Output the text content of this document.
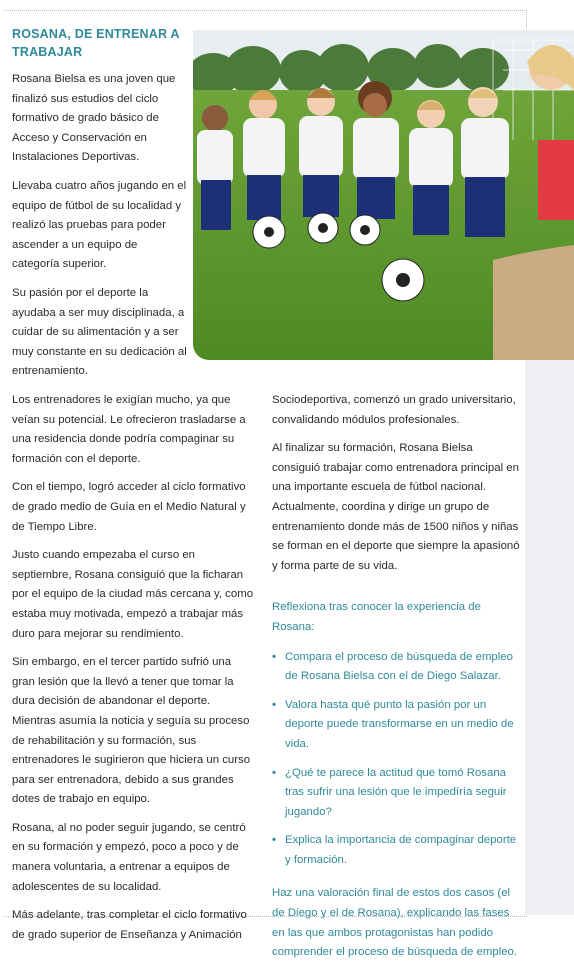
ROSANA, DE ENTRENAR A TRABAJAR

Rosana Bielsa es una joven que finalizó sus estudios del ciclo formativo de grado básico de Acceso y Conservación en Instalaciones Deportivas.

Llevaba cuatro años jugando en el equipo de fútbol de su localidad y realizó las pruebas para poder ascender a un equipo de categoría superior.

Su pasión por el deporte la ayudaba a ser muy disciplinada, a cuidar de su alimentación y a ser muy constante en su dedicación al entrenamiento.

Los entrenadores le exigían mucho, ya que veían su potencial. Le ofrecieron trasladarse a una residencia donde podría compaginar su formación con el deporte.

Con el tiempo, logró acceder al ciclo formativo de grado medio de Guía en el Medio Natural y de Tiempo Libre.

Justo cuando empezaba el curso en septiembre, Rosana consiguió que la ficharan por el equipo de la ciudad más cercana y, como estaba muy motivada, empezó a trabajar más duro para mejorar su rendimiento.

Sin embargo, en el tercer partido sufrió una gran lesión que la llevó a tener que tomar la dura decisión de abandonar el deporte. Mientras asumía la noticia y seguía su proceso de rehabilitación y su formación, sus entrenadores le sugirieron que hiciera un curso para ser entrenadora, debido a sus grandes dotes de trabajo en equipo.

Rosana, al no poder seguir jugando, se centró en su formación y empezó, poco a poco y de manera voluntaria, a entrenar a equipos de adolescentes de su localidad.

Más adelante, tras completar el ciclo formativo de grado superior de Enseñanza y Animación

Sociodeportiva, comenzó un grado universitario, convalidando módulos profesionales.

Al finalizar su formación, Rosana Bielsa consiguió trabajar como entrenadora principal en una importante escuela de fútbol nacional. Actualmente, coordina y dirige un grupo de entrenamiento donde más de 1500 niños y niñas se forman en el deporte que siempre la apasionó y forma parte de su vida.

Reflexiona tras conocer la experiencia de Rosana:

• Compara el proceso de búsqueda de empleo de Rosana Bielsa con el de Diego Salazar.
• Valora hasta qué punto la pasión por un deporte puede transformarse en un medio de vida.
• ¿Qué te parece la actitud que tomó Rosana tras sufrir una lesión que le impedíría seguir jugando?
• Explica la importancia de compaginar deporte y formación.

Haz una valoración final de estos dos casos (el de Diego y el de Rosana), explicando las fases en las que ambos protagonistas han podido comprender el proceso de búsqueda de empleo.
